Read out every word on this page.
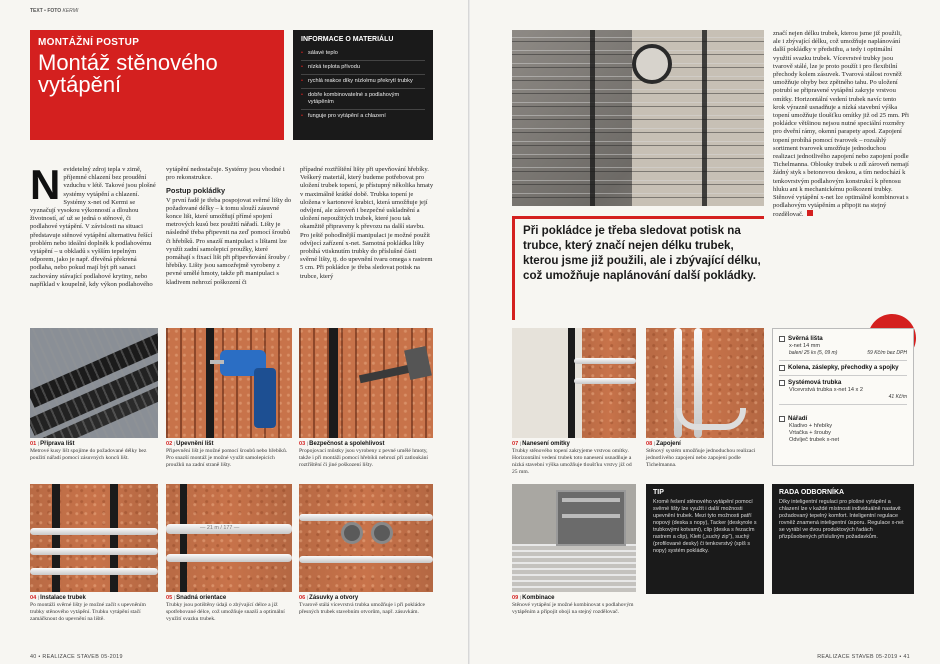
TEXT • FOTO KERMI
MONTÁŽNÍ POSTUP
Montáž stěnového vytápění
INFORMACE O MATERIÁLU
• sálavé teplo
• nízká teplota přívodu
• rychlá reakce díky nízkému překrytí trubky
• dobře kombinovatelné s podlahovým vytápěním
• funguje pro vytápění a chlazení
N evidetelný zdroj tepla v zimě, příjemné chlazení bez proudění vzduchu v létě. Takové jsou plošné systémy vytápění a chlazení. Systémy x-net od Kermi se vyznačují vysokou výkonností a dlouhou životností, ať už se jedná o stěnové, či podlahové vytápění. V závislosti na situaci představuje stěnové vytápění alternativu řešící problém nebo ideální doplněk k podlahovému vytápění – u obkladů s vyšším tepelným odporem, jako je např. dřevěná překrená podlaha, nebo pokud mají být při sanaci zachovány stávající podlahové krytiny, nebo například v koupelně, kdy výkon podlahového

vytápění nedostačuje. Systémy jsou vhodné i pro rekonstrukce.

Postup pokládky

V první řadě je třeba pospojovat svěrné lišty do požadované délky – k tomu slouží zásuvné konce lišt, které umožňují přímé spojení metrových kusů bez použití nářadí. Lišty je následně třeba připevnit na zeď pomocí šroubů či hřebíků. Pro snazší manipulaci s lištami lze využít zadní samolepicí proužky, které pomáhají s fixací lišt při připevňování šrouby / hřebíky. Lišty jsou samozřejmě vyrobeny z pevné umělé hmoty, takže při manipulaci s kladivem nehrozí poškození či

případné roztříštění lišty při upevňování hřebíky.

Veškerý materiál, který budeme potřebovat pro uložení trubek topení, je přístupný několika hmaty v maximálně krátké době. Trubka topení je uložena v kartonové krabici, která umožňuje její odvíjení, ale zároveň i bezpečné uskladnění a uložení nepoužitých trubek, které jsou tak okamžitě připraveny k převozu na další stavbu. Pro ještě pohodlnější manipulaci je možné použít odvíjecí zařízení x-net. Samotná pokládka lišty probíhá vtisknutím trubky do příslušné části svěrné lišty, tj. do upevnění tvaru omega s rastrem 5 cm. Při pokládce je třeba sledovat potisk na trubce, který

01 | Příprava lišt
Metrové kusy lišt spojíme do požadované délky bez použití nářadí pomocí zásuvných konců lišt.
02 | Upevnění lišt
Připevnění lišt je možné pomocí šroubů nebo hřebíků. Pro snazší montáž je možné využít samolepicích proužků na zadní straně lišty.
03 | Bezpečnost a spolehlivost
Propojovací můstky jsou vyrobeny z pevné umělé hmoty, takže i při montáži pomocí hřebíků nehrozí při zatloukání roztříštění či jiné poškození lišty.
— 21 m / 177 —
04 | Instalace trubek
Po montáži svěrné lišty je možné začít s upevněním trubky stěnového vytápění. Trubku vytápění stačí zamáčknout do upevnění na liště.
05 | Snadná orientace
Trubky jsou potištěny údaji o zbývající délce a již spotřebované délce, což umožňuje snazší a optimální využití svazku trubek.
06 | Zásuvky a otvory
Tvarově stálá vícevrstvá trubka umožňuje i při pokládce přesných trubek stavebním otvorům, např. zásuvkám.
40 • REALIZACE STAVEB 05-2019
Při pokládce je třeba sledovat potisk na trubce, který značí nejen délku trubek, kterou jsme již použili, ale i zbývající délku, což umožňuje naplánování další pokládky.
značí nejen délku trubek, kterou jsme již použili, ale i zbývající délku, což umožňuje naplánování další pokládky v předstihu, a tedy i optimální využití svazku trubek. Vícevrstvé trubky jsou tvarově stálé, lze je proto použít i pro flexibilní přechody kolem zásuvek. Tvarová stálost rovněž umožňuje ohyby bez zpětného tahu. Po uložení potrubí se připravené vytápění zakryje vrstvou omítky. Horizontální vedení trubek navíc tento krok výrazně usnadňuje a nízká stavební výška topení umožňuje tloušťku omítky již od 25 mm. Při pokládce většinou nejsou nutné speciální rozměry pro dveřní rámy, okenní parapety apod. Zapojení topení probíhá pomocí tvarovek – rozsáhlý sortiment tvarovek umožňuje jednoduchou realizaci jednotlivého zapojení nebo zapojení podle Tichelmanna. Oblouky trubek u zdí zároveň nemají žádný styk s betonovou deskou, a tím nedochází k tenkovrstvým podlahovým konstrukcí k přenosu hluku ani k mechanickému poškození trubky. Stěnové vytápění x-net lze optimálně kombinovat s podlahovým vytápěním a připojit na stejný rozdělovač.
07 | Nanesení omítky
Trubky stěnového topení zakryjeme vrstvou omítky. Horizontální vedení trubek toto nanesení usnadňuje a nízká stavební výška umožňuje tloušťku vrstvy již od 25 mm.
08 | Zapojení
Stěnový systém umožňuje jednoduchou realizaci jednotlivého zapojení nebo zapojení podle Tichelmanna.
Svěrná lišta
x-net 14 mm
balení 25 ks (5, 09 m)	59 Kč/m bez DPH
Kolena, záslepky, přechodky a spojky
Systémová trubka
Vícevrstvá trubka x-net 14 x 2

41 Kč/m

Nářadí

Kladivo + hřebíky
Vrtačka + šrouby
Odvíječ trubek x-net

09 | Kombinace
Stěnové vytápění je možné kombinovat s podlahovým vytápěním a připojit oboji na stejný rozdělovač.
TIP
Kromě řešení stěnového vytápění pomocí svěrné lišty lze využít i další možnosti upevnění trubek. Mezi tyto možnosti patří nopový (deska s nopy), Tacker (deskyrole s trubkovými kotvami), clip (deska s řezacím rastrem a clip), Klett („suchý zip"), suchý (profilované desky) či tenkovrstvý (spíš s nopy) systém pokládky.
RADA ODBORNÍKA
Díky inteligentní regulaci pro plošné vytápění a chlazení lze v každé místnosti individuálně nastavit požadovaný tepelný komfort. Inteligentní regulace rovněž znamená inteligentní úsporu. Regulace x-net se vyrábí ve dvou produktových řadách přizpůsobených příslušným požadavkům.
REALIZACE STAVEB 05-2019 • 41
